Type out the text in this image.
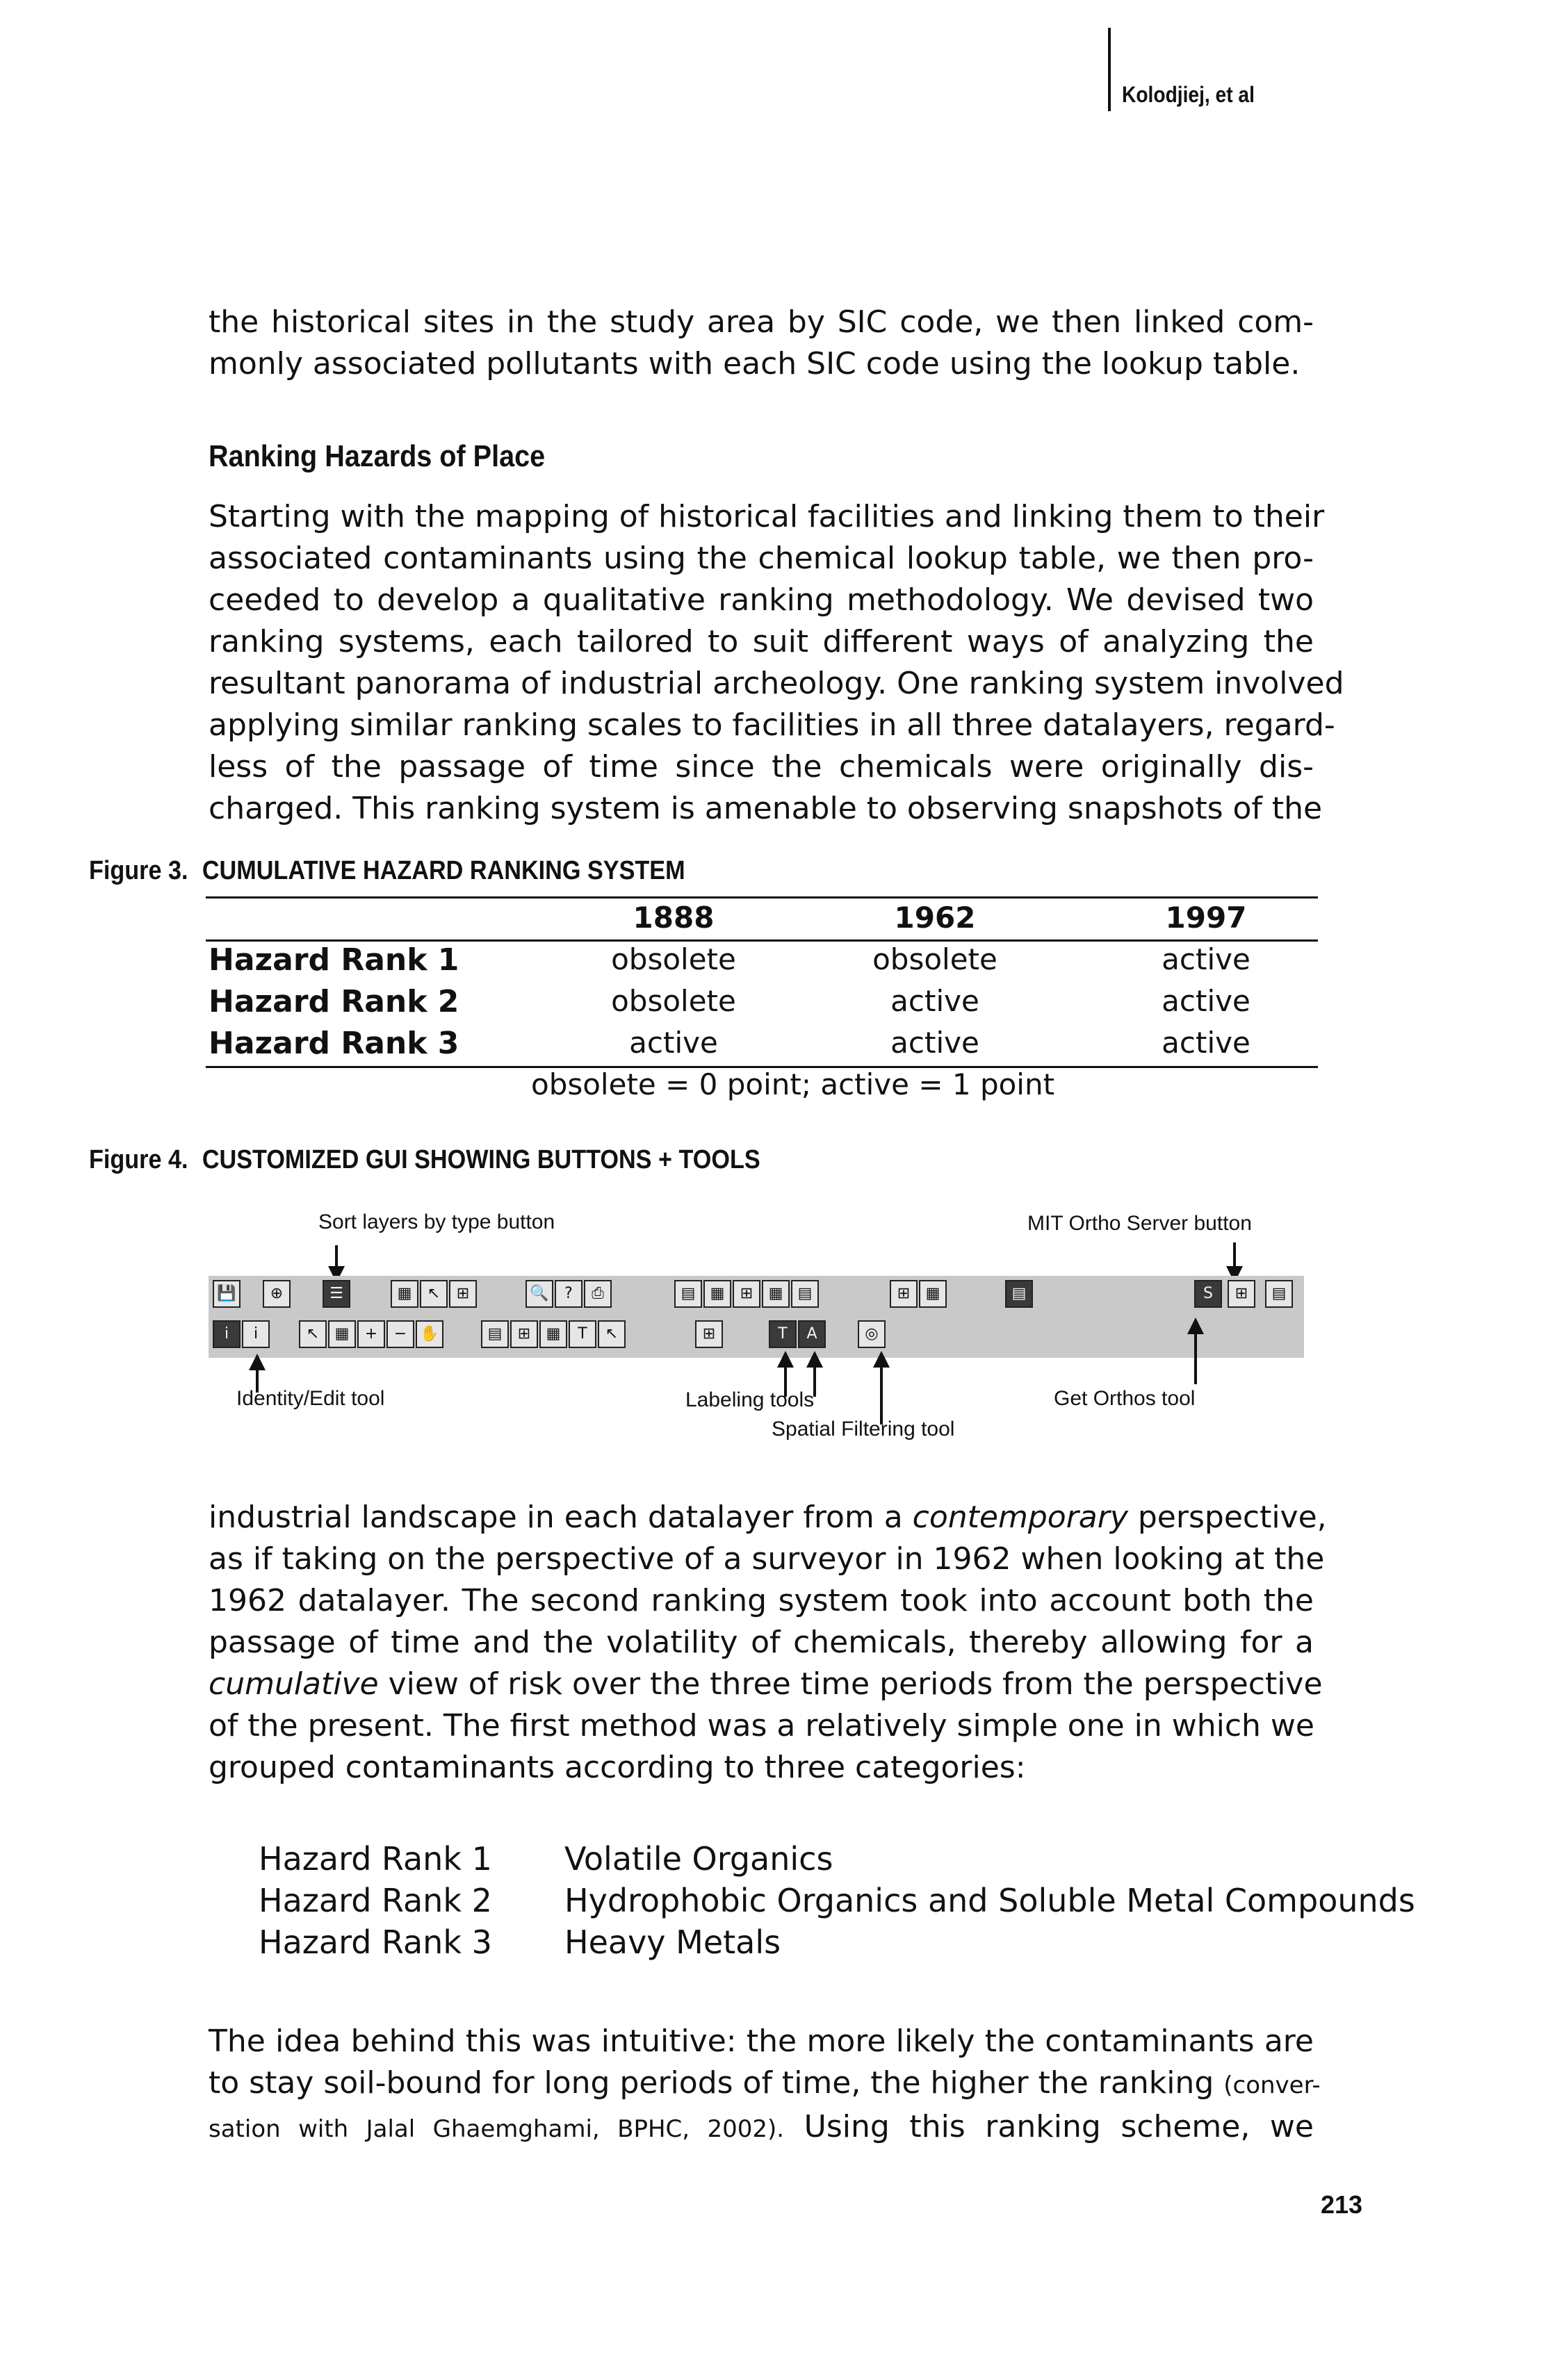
Kolodjiej, et al
the historical sites in the study area by SIC code, we then linked com-
monly associated pollutants with each SIC code using the lookup table.
Ranking Hazards of Place
Starting with the mapping of historical facilities and linking them to their
associated contaminants using the chemical lookup table, we then pro-
ceeded to develop a qualitative ranking methodology. We devised two
ranking systems, each tailored to suit different ways of analyzing the
resultant panorama of industrial archeology. One ranking system involved
applying similar ranking scales to facilities in all three datalayers, regard-
less of the passage of time since the chemicals were originally dis-
charged. This ranking system is amenable to observing snapshots of the
Figure 3. CUMULATIVE HAZARD RANKING SYSTEM
1888	1962	1997
Hazard Rank 1	obsolete	obsolete	active
Hazard Rank 2	obsolete	active	active
Hazard Rank 3	active	active	active
obsolete = 0 point; active = 1 point
Figure 4. CUSTOMIZED GUI SHOWING BUTTONS + TOOLS
Sort layers by type button	MIT Ortho Server button
💾	⊕	☰	▦	↖	⊞	🔍	?	⎙	▤ ▦	⊞	▦ ▤	⊞	▦	▤	S	⊞	▤
i	i	↖	▦	+	− ✋	▤	⊞	▦	T	↖	⊞	T	A	◎
Identity/Edit tool	Labeling tools
Spatial Filtering tool
Get Orthos tool
industrial landscape in each datalayer from a contemporary perspective,
as if taking on the perspective of a surveyor in 1962 when looking at the
1962 datalayer. The second ranking system took into account both the
passage of time and the volatility of chemicals, thereby allowing for a
cumulative view of risk over the three time periods from the perspective
of the present. The first method was a relatively simple one in which we
grouped contaminants according to three categories:
Hazard Rank 1 Volatile Organics
Hazard Rank 2 Hydrophobic Organics and Soluble Metal Compounds
Hazard Rank 3 Heavy Metals
The idea behind this was intuitive: the more likely the contaminants are
to stay soil-bound for long periods of time, the higher the ranking (conver-
sation with Jalal Ghaemghami, BPHC, 2002). Using this ranking scheme, we
213
